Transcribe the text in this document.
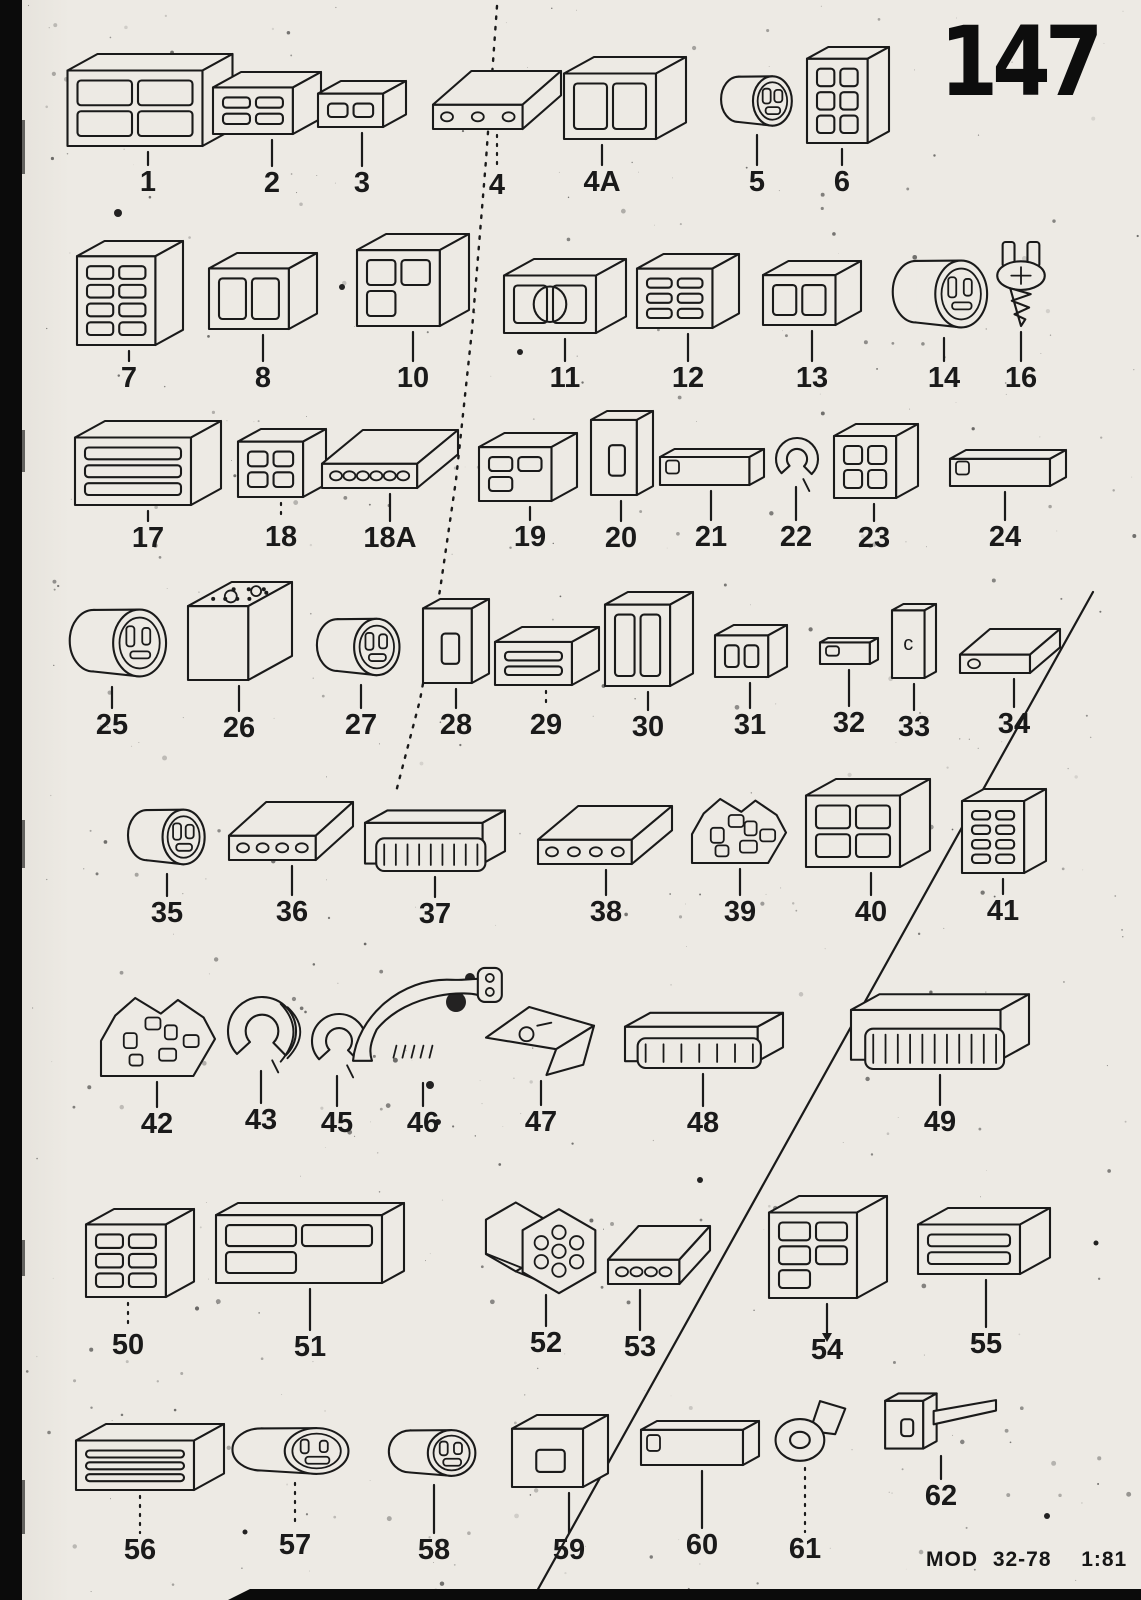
1	2	3	4	4A	5 6
7	8	10	11	12	13	14 16
17	18 18A	19 20 21 22 23	24
25	26	27 28 29 30 31 32
c
33 34
35	36	37	38	39	40	41
42 43 45 46	47	48	49
50	51	52 53	54	55
56	57	58	59	60 61
62
147
MOD 32-78  1:81
